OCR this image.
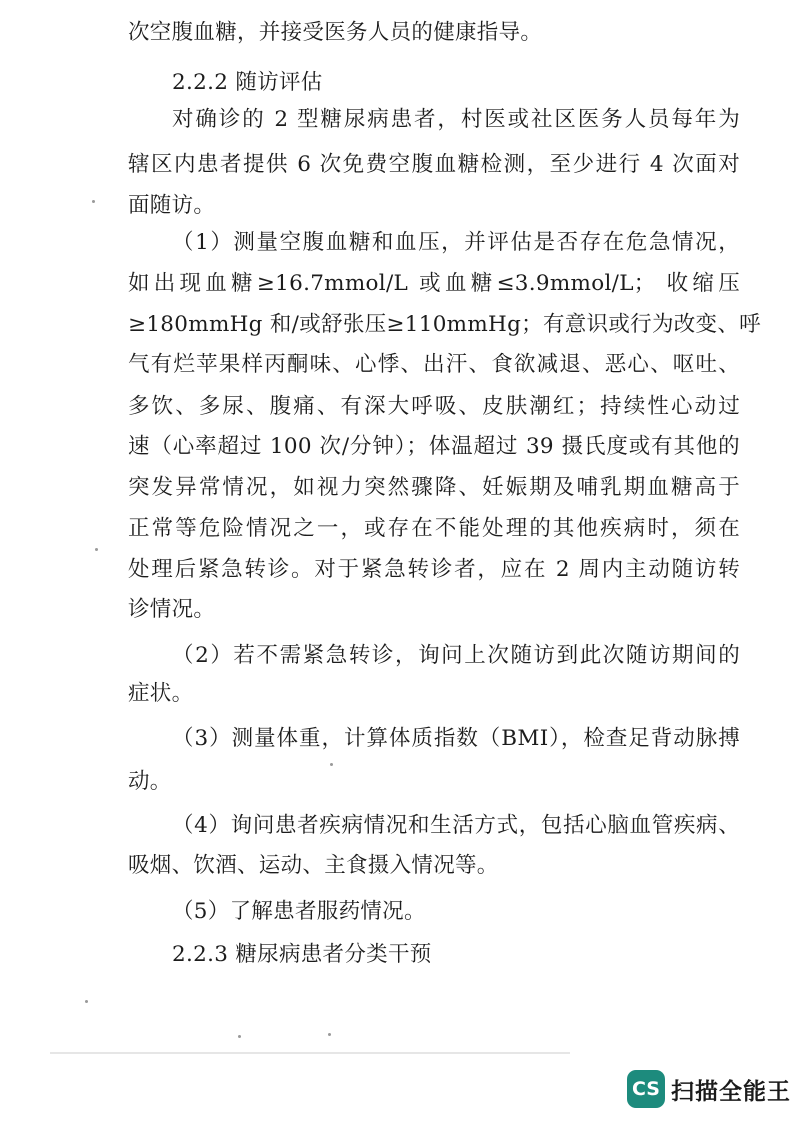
次空腹血糖，并接受医务人员的健康指导。
2.2.2 随访评估
对确诊的 2 型糖尿病患者，村医或社区医务人员每年为
辖区内患者提供 6 次免费空腹血糖检测，至少进行 4 次面对
面随访。
（1）测量空腹血糖和血压，并评估是否存在危急情况，
如出现血糖≥16.7mmol/L 或血糖≤3.9mmol/L； 收缩压
≥180mmHg 和/或舒张压≥110mmHg；有意识或行为改变、呼
气有烂苹果样丙酮味、心悸、出汗、食欲减退、恶心、呕吐、
多饮、多尿、腹痛、有深大呼吸、皮肤潮红；持续性心动过
速（心率超过 100 次/分钟）；体温超过 39 摄氏度或有其他的
突发异常情况，如视力突然骤降、妊娠期及哺乳期血糖高于
正常等危险情况之一，或存在不能处理的其他疾病时，须在
处理后紧急转诊。对于紧急转诊者，应在 2 周内主动随访转
诊情况。
（2）若不需紧急转诊，询问上次随访到此次随访期间的
症状。
（3）测量体重，计算体质指数（BMI），检查足背动脉搏
动。
（4）询问患者疾病情况和生活方式，包括心脑血管疾病、
吸烟、饮酒、运动、主食摄入情况等。
（5）了解患者服药情况。
2.2.3 糖尿病患者分类干预
CS 扫描全能王
